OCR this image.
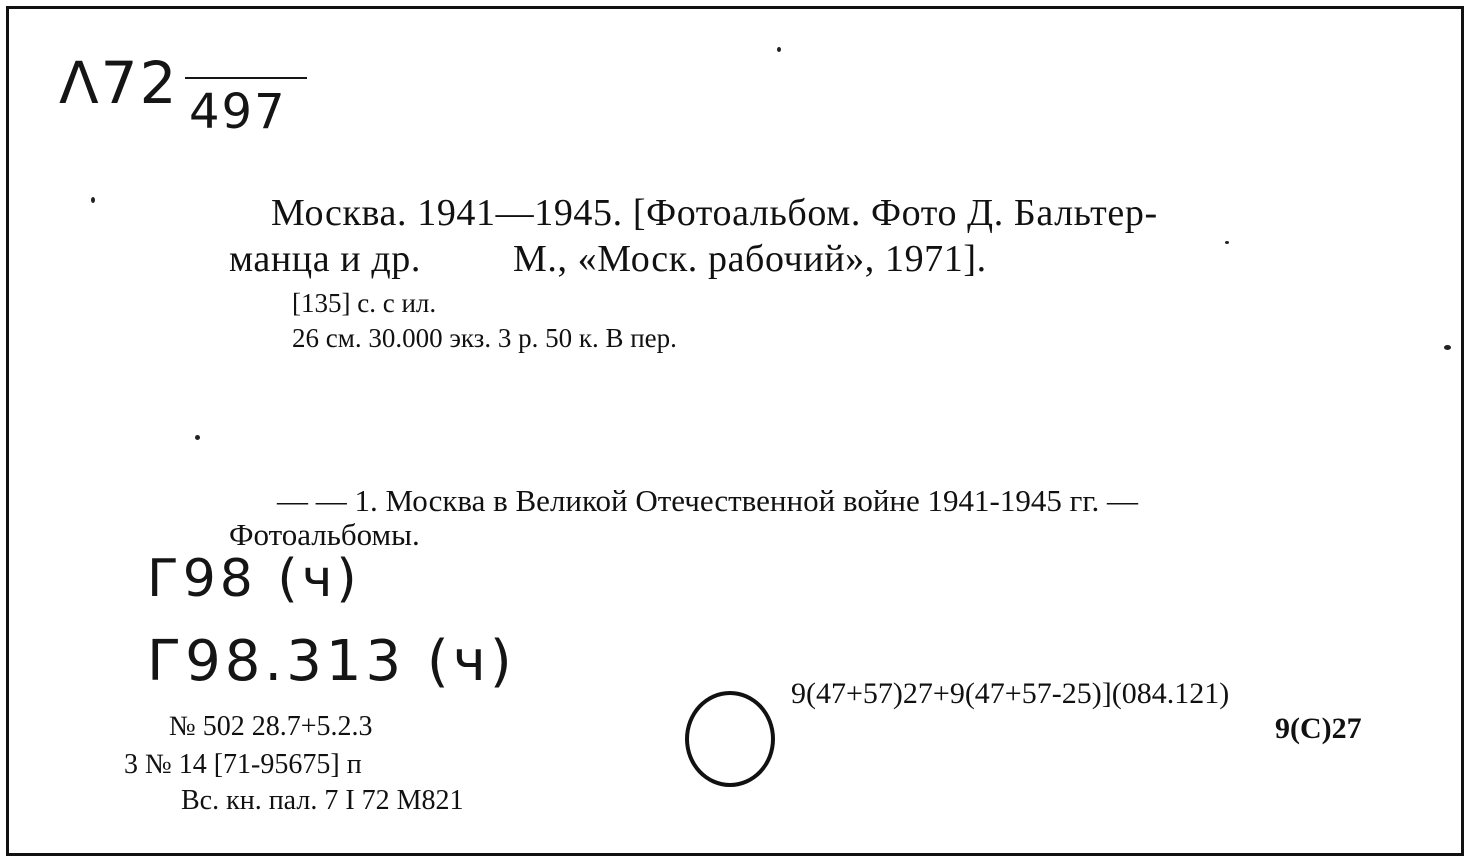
Λ72 497
Москва. 1941—1945. [Фотоальбом. Фото Д. Бальтер-
манца и др. М., «Моск. рабочий», 1971].
[135] с. с ил.
26 см. 30.000 экз. 3 р. 50 к. В пер.
— — 1. Москва в Великой Отечественной войне 1941-1945 гг. —
Фотоальбомы.
Г98 (ч)
Г98.313 (ч)
№ 502 28.7+5.2.3
3 № 14 [71-95675] п
Вс. кн. пал. 7 I 72 М821
9(47+57)27+9(47+57-25)](084.121)
9(С)27
